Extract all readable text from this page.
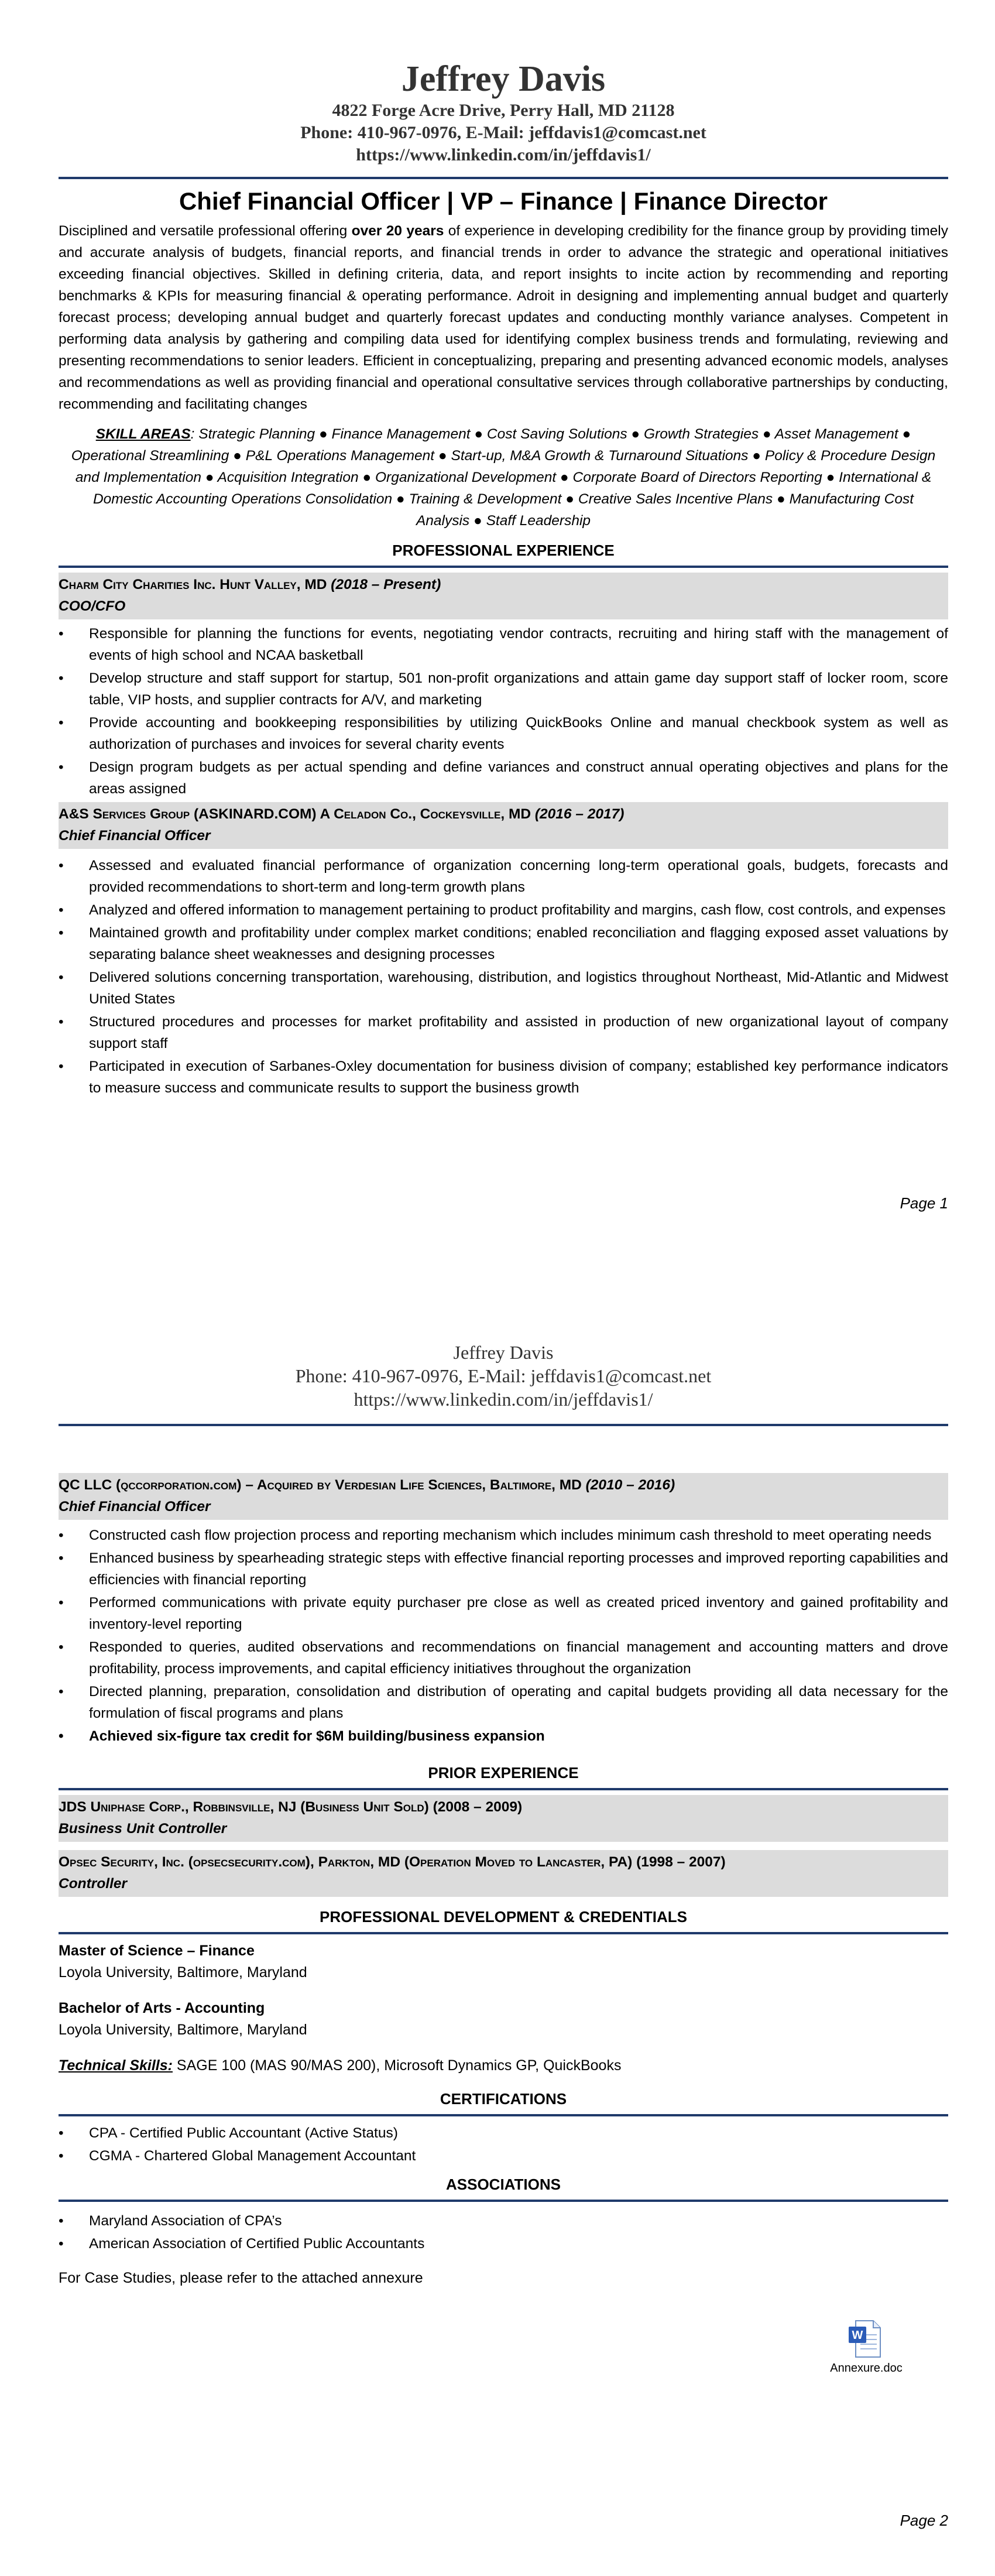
Jeffrey Davis
4822 Forge Acre Drive, Perry Hall, MD 21128
Phone: 410-967-0976, E-Mail: jeffdavis1@comcast.net
https://www.linkedin.com/in/jeffdavis1/
Chief Financial Officer | VP – Finance | Finance Director
Disciplined and versatile professional offering over 20 years of experience in developing credibility for the finance group by providing timely and accurate analysis of budgets, financial reports, and financial trends in order to advance the strategic and operational initiatives exceeding financial objectives. Skilled in defining criteria, data, and report insights to incite action by recommending and reporting benchmarks & KPIs for measuring financial & operating performance. Adroit in designing and implementing annual budget and quarterly forecast process; developing annual budget and quarterly forecast updates and conducting monthly variance analyses. Competent in performing data analysis by gathering and compiling data used for identifying complex business trends and formulating, reviewing and presenting recommendations to senior leaders. Efficient in conceptualizing, preparing and presenting advanced economic models, analyses and recommendations as well as providing financial and operational consultative services through collaborative partnerships by conducting, recommending and facilitating changes
SKILL AREAS: Strategic Planning ● Finance Management ● Cost Saving Solutions ● Growth Strategies ● Asset Management ● Operational Streamlining ● P&L Operations Management ● Start-up, M&A Growth & Turnaround Situations ● Policy & Procedure Design and Implementation ● Acquisition Integration ● Organizational Development ● Corporate Board of Directors Reporting ● International & Domestic Accounting Operations Consolidation ● Training & Development ● Creative Sales Incentive Plans ● Manufacturing Cost Analysis ● Staff Leadership
PROFESSIONAL EXPERIENCE
Charm City Charities Inc. Hunt Valley, MD (2018 – Present)
COO/CFO
• Responsible for planning the functions for events, negotiating vendor contracts, recruiting and hiring staff with the management of events of high school and NCAA basketball
• Develop structure and staff support for startup, 501 non-profit organizations and attain game day support staff of locker room, score table, VIP hosts, and supplier contracts for A/V, and marketing
• Provide accounting and bookkeeping responsibilities by utilizing QuickBooks Online and manual checkbook system as well as authorization of purchases and invoices for several charity events
• Design program budgets as per actual spending and define variances and construct annual operating objectives and plans for the areas assigned
A&S Services Group (ASKINARD.COM) A Celadon Co., Cockeysville, MD (2016 – 2017)
Chief Financial Officer
• Assessed and evaluated financial performance of organization concerning long-term operational goals, budgets, forecasts and provided recommendations to short-term and long-term growth plans
• Analyzed and offered information to management pertaining to product profitability and margins, cash flow, cost controls, and expenses
• Maintained growth and profitability under complex market conditions; enabled reconciliation and flagging exposed asset valuations by separating balance sheet weaknesses and designing processes
• Delivered solutions concerning transportation, warehousing, distribution, and logistics throughout Northeast, Mid-Atlantic and Midwest United States
• Structured procedures and processes for market profitability and assisted in production of new organizational layout of company support staff
• Participated in execution of Sarbanes-Oxley documentation for business division of company; established key performance indicators to measure success and communicate results to support the business growth
Page 1
Jeffrey Davis
Phone: 410-967-0976, E-Mail: jeffdavis1@comcast.net
https://www.linkedin.com/in/jeffdavis1/
QC LLC (qccorporation.com) – Acquired by Verdesian Life Sciences, Baltimore, MD (2010 – 2016)
Chief Financial Officer
• Constructed cash flow projection process and reporting mechanism which includes minimum cash threshold to meet operating needs
• Enhanced business by spearheading strategic steps with effective financial reporting processes and improved reporting capabilities and efficiencies with financial reporting
• Performed communications with private equity purchaser pre close as well as created priced inventory and gained profitability and inventory-level reporting
• Responded to queries, audited observations and recommendations on financial management and accounting matters and drove profitability, process improvements, and capital efficiency initiatives throughout the organization
• Directed planning, preparation, consolidation and distribution of operating and capital budgets providing all data necessary for the formulation of fiscal programs and plans
• Achieved six-figure tax credit for $6M building/business expansion
PRIOR EXPERIENCE
JDS Uniphase Corp., Robbinsville, NJ (Business Unit Sold) (2008 – 2009)
Business Unit Controller
Opsec Security, Inc. (opsecsecurity.com), Parkton, MD (Operation Moved to Lancaster, PA) (1998 – 2007)
Controller
PROFESSIONAL DEVELOPMENT & CREDENTIALS
Master of Science – Finance
Loyola University, Baltimore, Maryland
Bachelor of Arts - Accounting
Loyola University, Baltimore, Maryland
Technical Skills: SAGE 100 (MAS 90/MAS 200), Microsoft Dynamics GP, QuickBooks
CERTIFICATIONS
• CPA - Certified Public Accountant (Active Status)
• CGMA - Chartered Global Management Accountant
ASSOCIATIONS
• Maryland Association of CPA’s
• American Association of Certified Public Accountants
For Case Studies, please refer to the attached annexure
W
Annexure.doc
Page 2
